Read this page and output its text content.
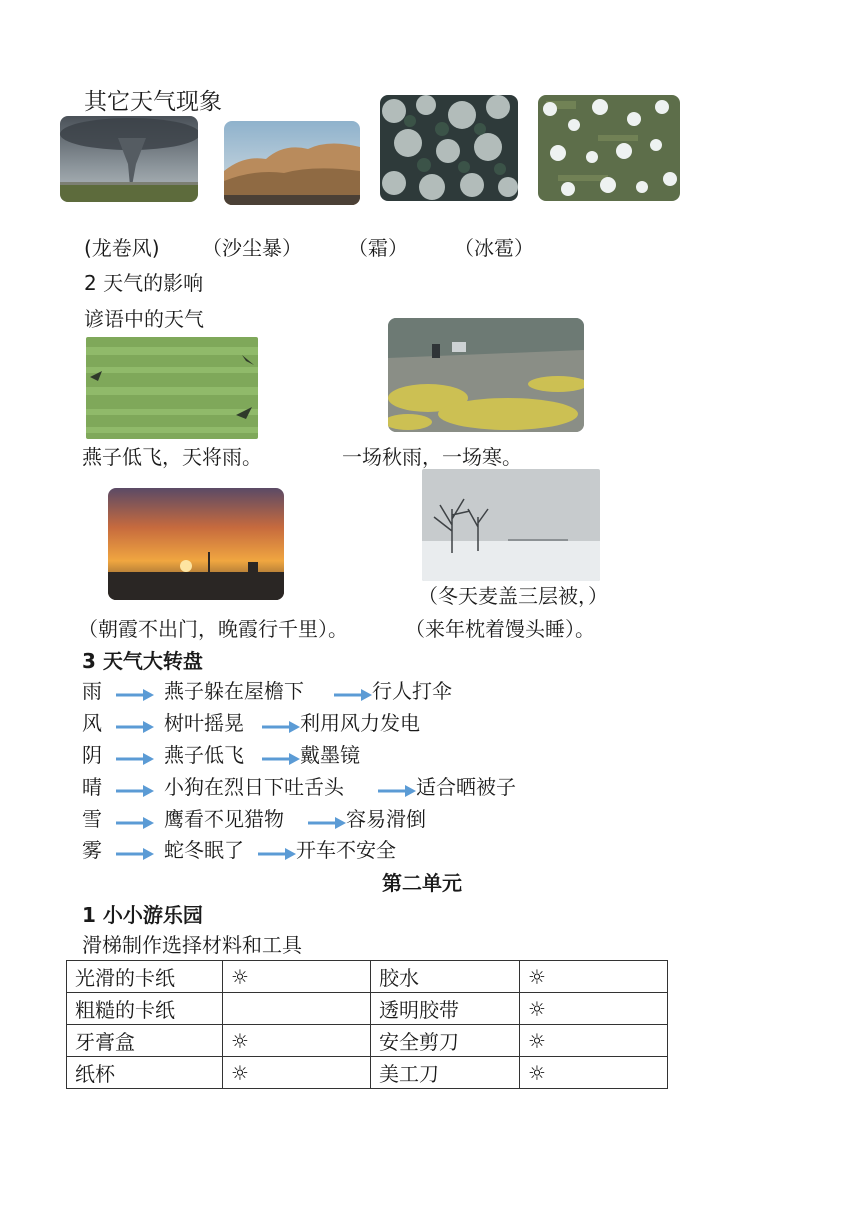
其它天气现象
(龙卷风) （沙尘暴） （霜） （冰雹）
2 天气的影响
谚语中的天气
燕子低飞，天将雨。	一场秋雨，一场寒。
（冬天麦盖三层被，）
（朝霞不出门，晚霞行千里）。	（来年枕着馒头睡）。
3 天气大转盘
雨	燕子躲在屋檐下	行人打伞
风	树叶摇晃	利用风力发电
阴	燕子低飞	戴墨镜
晴	小狗在烈日下吐舌头	适合晒被子
雪	鹰看不见猎物	容易滑倒
雾	蛇冬眠了	开车不安全
第二单元
1 小小游乐园
滑梯制作选择材料和工具
光滑的卡纸	☼	胶水	☼
粗糙的卡纸		透明胶带	☼
牙膏盒	☼	安全剪刀	☼
纸杯	☼	美工刀	☼
